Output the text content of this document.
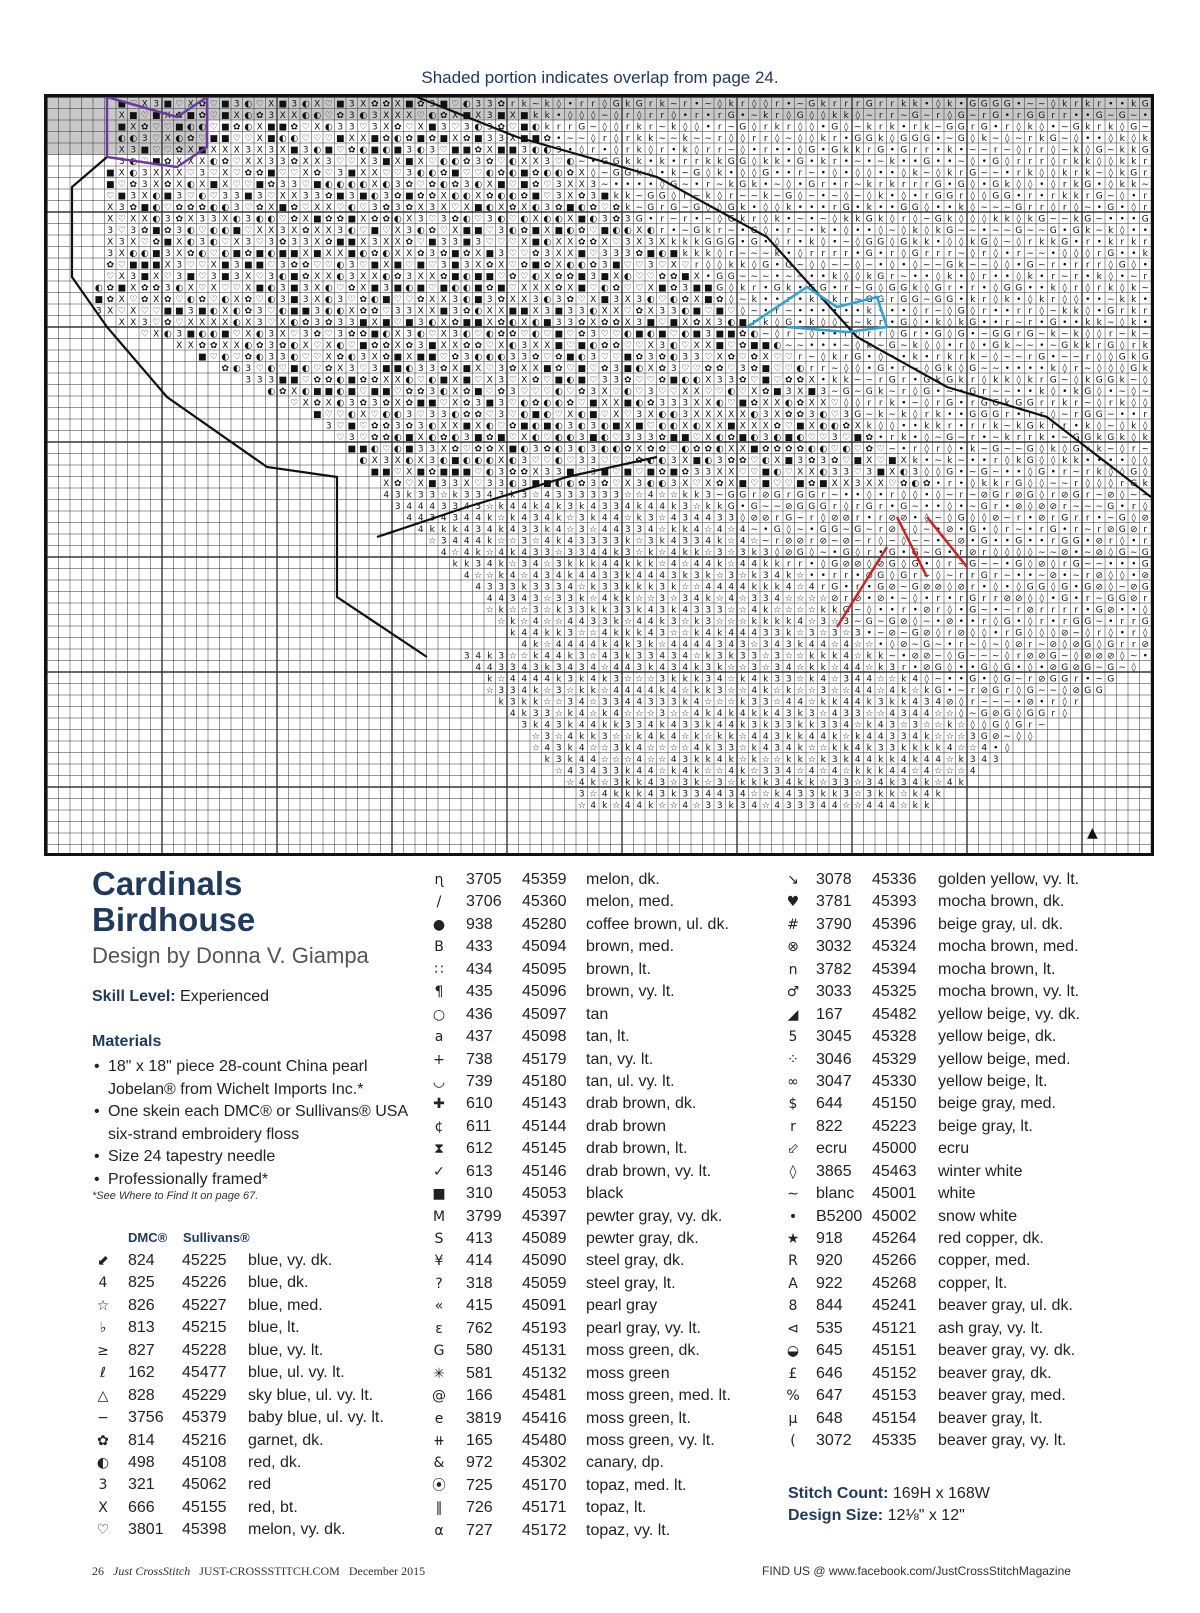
Shaded portion indicates overlap from page 24.
■ ♡ X 3 ■ ♡ X ✿ ♡ ■ 3 ◐ ♡ X ■ 3 ◐ X ♡ ■ 3 X ✿ ✿ X ■ ✿ 3 ■ ♡ ◐ 3 3 ✿ r k ∼ k ◊ • r r ◊ G k G r k ∼ r • ∼ ◊ k r ◊ ◊ r • ∼ G k r r r G r r k k • ◊ k • G G G G • ∼ ∼ ◊ k r k r • • k G
X ■ ♡ ■ X ✿ ■ ✿ ♡ ■ X ◐ ✿ 3 X X ◐ ◐ ♡ ✿ 3 ◐ 3 X X X ♡ ◐ ✿ X ■ X 3 ■ X ■ k k • ◊ ◊ ◊ ∼ ◊ r ◊ r r ◊ • r • r G • ∼ k r ◊ G ◊ ◊ k k ◊ ∼ r r ∼ G ∼ r ◊ G ∼ r G • r G G r r • • G ∼ G ∼ •
■ X ✿ ♡ ♡ ■ ◐ ◐ ♡ ■ ✿ ◐ X ■ ■ ✿ ♡ X ◐ 3 3 ♡ 3 X ✿ ♡ X ■ 3 ♡ 3 ◐ 3 ✿ ♡ ■ ◐ k r r G ∼ ◊ ◊ r k r ∼ k ◊ ◊ • r ∼ G ◊ r k r ◊ ◊ • G ◊ ∼ k r k • r k ∼ G G r G • r ◊ k ◊ • ∼ G k r k ◊ G ∼
◐ ◐ 3 ♡ X ◐ ✿ ♡ ■ ■ ♡ ♡ X ■ ◐ ◐ ♡ ♡ ♡ ■ X X ■ ✿ ◐ ✿ ■ ✿ ■ X ✿ ■ 3 3 X ■ ■ ✿ • ∼ ∼ ◊ r ◊ r k k ∼ ∼ k ∼ ∼ r ◊ ◊ r r ◊ ∼ ◊ ◊ k r • G G k ◊ G G G • ∼ G ◊ k ∼ ◊ ∼ r k G ∼ ◊ • • ◊ k ◊ k
X 3 ■ ♡ ♡ ✿ X ■ X X X 3 X 3 X ■ 3 ◐ ■ ♡ ✿ ◐ ■ ◐ ■ 3 ◐ 3 ♡ ■ ■ ✿ X ■ ■ 3 ◐ ◐ 3 • ◊ r • ◊ r k ◊ r • k ◊ r r ∼ ◊ • r • • ◊ G • G k k r G • G r r • k • ∼ ∼ r ∼ ◊ r r ◊ ∼ k ◊ G ∼ k k G
3 ◐ ♡ ■ ✿ X X X ◐ ✿ ♡ X X 3 3 ✿ X X 3 ♡ ♡ X 3 ■ X ■ X ♡ ◐ ◐ ✿ 3 ✿ ♡ ◐ X X 3 ♡ ◐ ∼ • G G k k • k • r r k k G G ◊ k k • G • k r • ∼ • ∼ k • • G • • ∼ ◊ • G ◊ r r r ◊ r k k ◊ ◊ k k r
■ X ◐ 3 X X X ♡ 3 ♡ X ♡ ✿ ✿ ■ ♡ ♡ X ✿ ♡ 3 ■ X X ♡ ♡ 3 ◐ ◐ ✿ ■ ♡ ♡ ◐ ✿ ◐ ■ ✿ ◐ ◐ ✿ X ◊ ∼ G G k ◊ • k ∼ G ◊ k • ◊ ◊ G • • r ∼ • ◊ • ◊ ◊ • • ◊ k ∼ ◊ k r G ∼ ∼ • r k ◊ ◊ k r k ∼ ◊ k G r
■ ♡ ✿ 3 X ✿ X ◐ X ■ X ♡ ♡ ■ ✿ 3 3 ♡ ■ ◐ ◐ ◐ ◐ X ◐ 3 ✿ ♡ ✿ ◐ ✿ 3 ◐ X ■ ♡ ■ ✿ ♡ 3 X X 3 ∼ • • • • ◊ G ∼ • r ∼ k G k • ∼ ◊ • G r • r ∼ k r k r r r G • G ◊ • G k ◊ ◊ • ◊ r k G • ◊ k k ∼
♡ ■ 3 X ◐ ■ 3 ♡ ◐ ♡ 3 3 ■ 3 ♡ X X 3 3 ✿ ■ 3 ■ ◐ 3 ✿ ■ ✿ ✿ X ◐ ◐ X ✿ ◐ ◐ ✿ ■ ♡ 3 X ✿ 3 ■ k k ∼ G G ◊ r ∼ k ◊ r ∼ ∼ k ∼ G ◊ ∼ • ∼ ◊ ∼ ◊ k • ◊ • r G G r ◊ ◊ G G • r • r k k r G ∼ ◊ • r
X 3 ✿ ■ ◐ ♡ ✿ ✿ ✿ ◐ ◐ 3 ♡ ✿ X ■ ✿ ♡ X X ♡ ◐ ♡ 3 ✿ 3 ✿ X 3 X ♡ X ■ ◐ X ✿ X ◐ 3 ✿ ■ ◐ ✿ ♡ ✿ k ∼ G r G ∼ G ◊ ◊ G k • ◊ ◊ k • • • r G • k • • G G ◊ • • k ◊ ∼ ∼ ∼ G r r ◊ r ◊ ∼ • G • ◊ r
X ♡ X X ◐ 3 ✿ X 3 3 X ◐ 3 ◐ ◐ ♡ ✿ X ■ ✿ ✿ ■ X ✿ ✿ ◐ X 3 ♡ 3 ✿ ◐ ♡ 3 ◐ ♡ ◐ X ◐ ◐ X ■ ◐ 3 ✿ 3 G • r ∼ r • ∼ ◊ G k r ◊ k • ∼ • ∼ ◊ k k G k ◊ r ◊ ∼ G k ◊ ◊ ◊ k k ◊ k G ∼ ∼ k G ∼ • • • G
3 ♡ 3 ✿ ■ ✿ 3 ◐ ♡ ◐ ◐ ■ ♡ X X 3 X ✿ X X 3 ◐ ♡ ■ ♡ X 3 ◐ ✿ ♡ X ■ ■ ♡ 3 ◐ ✿ ■ X ■ ◐ ✿ ♡ ■ ◐ ◐ X ◐ r • ∼ G k r ∼ • G ◊ • r ∼ • k • ◊ • • ◊ ∼ ◊ k ◊ k G ∼ ∼ • ∼ ∼ G ∼ ∼ G • G k ∼ k ◊ • •
X 3 X ♡ ✿ ■ X ◐ 3 ◐ ♡ X 3 ♡ 3 ✿ 3 3 X ✿ ■ ■ X 3 X X ✿ ♡ ■ 3 3 ■ 3 ♡ ♡ ♡ X ■ ◐ X X ✿ ✿ X ♡ 3 X 3 X k k k G G G • G • ◊ r • k ◊ • ∼ ◊ G G ◊ G k k • ◊ ◊ k G ◊ ∼ ◊ r k k G • r • k r k r
3 X ◐ ◐ ■ 3 X ✿ ◐ ♡ ◐ ■ ✿ ■ ◐ ■ ■ X ■ X X ■ ◐ ✿ ◐ X X ✿ 3 ✿ ■ ✿ X ■ 3 ♡ ♡ ✿ 3 X X ■ ♡ 3 3 3 ✿ ■ ◐ ■ k k k ◊ r ∼ ∼ ∼ k • ◊ r r r r • G • r ◊ G r r r ∼ ◊ r ◊ • r ∼ ∼ • ◊ ◊ ◊ r G • • k
✿ ♡ ■ ■ ■ X 3 ♡ ♡ X ■ 3 ■ ■ ♡ 3 ✿ ✿ ♡ ♡ ◐ 3 ♡ ■ X ■ ♡ ■ ♡ 3 ■ 3 X ✿ X ♡ ✿ ■ ✿ X ◐ ◐ ✿ 3 ■ ♡ ♡ 3 ♡ X ♡ r ◊ ◊ k k ◊ G • G ∼ ◊ ◊ ∼ ∼ ◊ ∼ • ◊ • ◊ ∼ ∼ G k ∼ ∼ ◊ ◊ • G ∼ r • r r r ◊ G ◊ •
♡ X 3 ■ X ♡ 3 ■ ♡ 3 ■ 3 X ♡ 3 ◐ ■ ✿ X X ◐ 3 X X ◐ ✿ 3 X X ✿ ■ ◐ ■ ■ ♡ ✿ ♡ ◐ X ✿ ✿ ■ 3 ■ X ◐ ♡ ♡ ✿ ✿ ■ X • G G ∼ ∼ ∼ • ∼ ∼ • • k ◊ ◊ k G r ∼ • • ◊ k • ◊ r • • ◊ k • r ∼ r • k ◊ • ∼ r
◐ ✿ ■ X ✿ ✿ 3 ◐ X ♡ X ♡ ♡ X ■ ◐ 3 ■ 3 X ◐ ♡ ✿ X ■ 3 ■ ◐ ■ ♡ ■ ◐ ◐ ■ ✿ ■ ♡ X X X ✿ X ■ ♡ ◐ ✿ ♡ ♡ X ■ ✿ 3 ■ ■ G ◊ k r • G k • G G • r ∼ G ◊ G G k ◊ G r • r • ◊ G G • • k ◊ r ◊ r k ◊ k ∼
■ ✿ X ♡ ✿ X ✿ ♡ ◐ ✿ ♡ ◐ X ✿ ♡ ◐ 3 ■ 3 X ◐ 3 ♡ ✿ ◐ ■ ♡ ♡ ✿ X X 3 ◐ ■ 3 ✿ X X 3 ◐ 3 ✿ ♡ X ■ 3 X 3 ◐ ♡ ◐ ✿ X ■ ✿ ◊ ∼ k • • r • k ∼ k r ∼ G G r G G ∼ G G • k r ◊ k • ◊ k r ◊ ◊ • • ∼ k k •
3 X ♡ X ♡ ♡ ■ ■ 3 ■ ◐ X ◐ ✿ 3 ♡ ◐ ■ ■ 3 ◐ ◐ X ✿ ✿ ♡ 3 3 X X ■ 3 ✿ ◐ X X ■ ■ X 3 ■ 3 3 ◐ X X ♡ ✿ X 3 3 ◐ ■ ♡ ■ ♡ ◊ ∼ • r ∼ • • • • • • k • • • ◊ r ∼ ◊ G ◊ r • • r r ◊ ∼ k k ◊ • G r k r
X X 3 ♡ ✿ ♡ X X X X ◐ X 3 ♡ X ◐ ✿ 3 ✿ 3 3 ■ X ■ ♡ ■ 3 ◐ X ✿ ■ ■ X ✿ ◐ X ◐ ■ 3 3 ✿ X ✿ ✿ X 3 ■ ♡ ■ X ✿ X 3 ◐ ■ r k ◊ G • k ◊ ◊ ∼ ∼ k r • G ◊ • k ◊ k G • • r ∼ r • G • • k k ∼ ◊ k •
♡ X ◐ 3 ■ ◐ ◐ ■ ♡ X ◐ 3 X ♡ 3 ✿ ♡ 3 ✿ ✿ ■ ◐ X 3 ◐ ♡ X 3 ◐ ♡ ◐ ✿ ✿ ♡ ◐ ♡ ■ ♡ ✿ 3 ♡ ♡ ◐ ■ ◐ ■ ♡ ◐ ■ 3 ■ ■ ✿ ◐ ∼ ◊ r ∼ ◊ • • r ◊ r r ◊ G r • G ◊ G • ∼ G G r G ∼ k ∼ k ◊ ◊ r ∼ k ∼
X X ✿ ✿ X X ◐ ✿ 3 ✿ ◐ X ♡ X ◐ ♡ ■ ✿ ✿ X ✿ 3 ■ X X ✿ ✿ ♡ X ◐ 3 X X ■ ♡ ■ ◐ ✿ ✿ ♡ ♡ X 3 ◐ ♡ X X ■ ♡ ✿ ■ ■ ◐ ∼ ∼ • • • ∼ ◊ k ∼ G ∼ k ◊ ◊ • r ◊ • G k ∼ ∼ • ∼ G k k r G ◊ r k
■ ♡ ◐ ♡ ✿ ◐ 3 3 ◐ ♡ ♡ X ✿ ◐ 3 X ✿ ■ X ■ ■ ♡ ✿ 3 ◐ ◐ ◐ 3 3 ✿ ♡ ✿ ■ ◐ 3 ♡ ♡ ■ ✿ 3 ✿ ◐ 3 3 ♡ X ✿ ♡ ✿ X ♡ ♡ r ∼ ◊ k r G • ◊ • • k • r k r k ∼ ◊ ∼ ∼ r G • ∼ ∼ r ◊ ◊ G k G
✿ ◐ 3 ♡ ◐ ♡ ■ ◐ ♡ ✿ X 3 ♡ 3 ■ ■ ◐ 3 3 ✿ X ■ X ♡ 3 ✿ X X ■ ✿ ♡ ■ ♡ ✿ 3 ■ ◐ X ✿ 3 ♡ ♡ ✿ ✿ ♡ 3 ✿ ■ ♡ ♡ ◐ r r ∼ ◊ ◊ • G • r ∼ ◊ G k ◊ G ∼ ∼ • • • • k ◊ r ∼ ◊ ◊ ◊ G k
3 3 3 ■ ■ ♡ ✿ ✿ ◐ ■ ✿ ✿ X X ◐ ♡ ◐ ■ X ■ ♡ X 3 ♡ X ✿ ♡ ■ ◐ ■ ♡ 3 3 ✿ ♡ ♡ ✿ ■ ◐ ◐ X 3 3 ✿ ♡ ■ ♡ ✿ ✿ X • k k ∼ ∼ r G r • G k G k r ◊ k k ◊ k r G ∼ ◊ k G G k ∼ ◊
◐ ✿ X ◐ ■ ■ ◐ ■ ♡ ■ ■ ♡ ✿ ✿ 3 ◐ X ✿ ■ ♡ ✿ 3 ♡ ♡ ♡ ◐ ♡ ✿ 3 X ♡ ◐ ♡ 3 ♡ ♡ X X ♡ ♡ ◐ ♡ X ✿ ■ 3 X ■ 3 ∼ G ∼ G k ∼ r ◊ G • ∼ • G r ∼ ∼ • • k ◊ • k G ◊ • ∼ ◊ ∼
♡ X ✿ X ◐ 3 ✿ 3 ✿ X ✿ ■ ■ ♡ X ✿ 3 ■ 3 ♡ ◐ ✿ ◐ ◐ ✿ ♡ ■ X X ■ ◐ ✿ 3 3 3 X X ◐ ♡ ■ ✿ X X ◐ ✿ X X ♡ ◊ ◊ r r k • ∼ ◊ r G • r G G k G G r r k r ∼ ◊ r k ◊ ◊
■ ♡ ♡ ◐ X ♡ ◐ ◐ 3 ♡ 3 3 ◐ ✿ ✿ ♡ 3 ♡ ◐ ■ ◐ ♡ X ◐ ■ ♡ X ♡ 3 X ◐ ◐ 3 X X X X X ◐ 3 X ✿ ✿ 3 ◐ ♡ 3 G ∼ k ∼ k ◊ r k • • G G G r • r r ◊ ∼ r G G ∼ • • r
3 ♡ ■ ♡ ✿ ✿ 3 ✿ 3 ◐ X X ■ X ◐ ♡ ✿ ■ ◐ ■ ◐ 3 ◐ 3 ◐ ■ X ■ ♡ ◐ ◐ X ◐ X X ■ X X X ✿ ♡ ■ X ◐ ◐ ✿ X k ◊ ◊ • • k k r • r r k ∼ k G k r r • k ◊ ∼ ◊ k ◊
♡ 3 ♡ ✿ ✿ ◐ ■ X ◐ ✿ ◐ 3 ■ ✿ ■ ♡ X ◐ ♡ ◐ ◐ 3 ■ ◐ ♡ 3 3 3 ✿ ■ ■ ♡ X ◐ ✿ ■ ◐ 3 ◐ ■ ◐ ♡ ♡ 3 ♡ ■ ✿ • r k • ◊ ∼ G ∼ r • ∼ k r r k • ∼ G G k G k ◊ k
■ ■ ◐ ♡ ◐ ■ 3 3 X ✿ ♡ ✿ ✿ X ■ ◐ 3 ✿ ◐ 3 ◐ 3 ◐ ◐ ✿ X ✿ ✿ ♡ ◐ ✿ ✿ ◐ X X ■ ✿ ✿ ✿ ✿ ◐ ◐ ♡ ◐ ♡ ✿ ♡ ∼ • r ◊ r ◊ • k ∼ G ∼ ∼ G ◊ k ◊ G r k ∼ ◊ r ∼
◐ X 3 X ◐ X 3 ◐ ■ ◐ ◐ ◐ X ◐ 3 ♡ ♡ ◐ ♡ 3 3 ♡ ♡ ♡ ✿ ◐ ◐ 3 X ■ ◐ 3 ✿ ✿ ♡ ◐ X ■ 3 ✿ 3 ✿ ♡ ■ X ♡ ■ X k • ∼ k ∼ • • r ◊ k G ◊ ◊ k k • • • • ◊ ◊
■ ■ ♡ X ■ ✿ ■ ■ ■ ♡ ◐ 3 ✿ ✿ X 3 3 ■ ♡ 3 ■ ♡ ■ ♡ ■ ✿ ■ ✿ 3 3 X X ♡ ♡ ■ ◐ ♡ X X ◐ 3 3 ♡ 3 ■ X ◐ 3 ◊ ◊ G • ∼ G ∼ • • ◊ G • r ∼ r k ◊ ◊ G ◊
X ✿ ♡ X ■ 3 3 X ♡ 3 3 ◐ 3 ■ ■ ◐ ◐ ✿ 3 ✿ ♡ X 3 ◐ ◐ 3 X ♡ X ✿ X ■ ♡ ■ ♡ ♡ ■ ✿ ■ X X 3 X X ♡ ✿ ◐ ✿ • r • ◊ k k r G ◊ ◊ ∼ ∼ r ◊ ◊ ◊ r G k
4 3 k 3 3 ☆ k 3 3 4 3 k 3 ☆ 4 3 3 3 3 3 3 ☆ ☆ 4 ☆ ☆ k k 3 ∼ G G r ⊘ G r G G r ∼ • • ◊ • r ◊ ◊ • ◊ ∼ r ∼ ⊘ G r ⊘ G ◊ r ⊘ G r ∼ ⊘ ◊ ∼ ∼
3 4 4 4 3 3 4 3 ☆ k 4 4 k 4 k 3 k 4 3 3 4 k 4 4 k 3 ☆ k k G • G ∼ ∼ ⊘ G G G r ◊ r G r • G ∼ • • ◊ • ∼ G r • ⊘ ◊ ⊘ ⊘ r ∼ ∼ ∼ G • r ◊
4 4 3 4 3 4 4 k ☆ k 4 3 4 k ☆ 3 k 4 4 ☆ k 3 ☆ 4 3 4 4 3 3 ◊ ⊘ ⊘ r G ∼ r ◊ ⊘ ⊘ r • r ⊘ ⊘ • ∼ ◊ G ◊ ◊ ⊘ ∼ r • ⊘ r G r r • ∼ G ◊ ⊘
4 k k k 4 3 4 k 4 3 3 k 4 ☆ 3 ☆ 4 4 3 3 4 ☆ k k 4 ☆ 4 ☆ 4 ∼ • G ◊ ∼ • G G ∼ G ∼ r ⊘ ◊ ∼ ⊘ • G • ◊ r ∼ • r G • r ∼ r ⊘ G ⊘ r
☆ 3 4 4 4 k ☆ ☆ 3 ☆ 4 k 4 3 3 3 3 k ☆ 3 k 4 3 3 4 k ☆ 4 ☆ ∼ r ⊘ ⊘ r ⊘ ∼ ⊘ ∼ r ◊ ∼ ◊ ∼ ∼ • ∼ ⊘ • G • • G • • r G G • ⊘ r ◊ • r
4 ☆ 4 k ☆ 4 k 4 3 3 ☆ 3 3 4 4 k 3 ☆ k ☆ 4 k k ☆ 3 ☆ 3 k 3 ◊ ⊘ G ◊ ∼ • G ◊ r • G • ∼ G • r ⊘ r ◊ ◊ ◊ ◊ ∼ ∼ ⊘ • ∼ ⊘ ◊ G ∼ G
k k 3 4 k ☆ 3 4 ☆ 3 k k k 4 4 k k k ☆ 4 ☆ 4 4 k ☆ 4 4 k k r r • ◊ G ⊘ ⊘ ◊ ⊘ G ◊ G • ◊ r ∼ G ∼ ∼ • G ◊ ⊘ ◊ r G ∼ ∼ • • • G
4 ☆ ☆ k 4 ☆ 4 3 4 k 4 4 3 3 k 4 4 4 3 k 3 k ☆ 3 ☆ k 3 4 k ☆ • • r r • G ◊ G r ◊ ∼ r r G r ∼ • • ∼ ⊘ • ∼ r ⊘ ◊ ◊ • ⊘
4 3 3 3 k 3 3 3 4 ☆ k 3 3 k k k 3 k ☆ ☆ 4 4 4 4 k k k 4 ☆ 4 r G • r • G ⊘ ∼ G ⊘ ⊘ ◊ ⊘ r • ◊ • ◊ G G ◊ G • G ⊘ ◊ ∼ ⊘ G
4 4 3 4 3 ☆ 3 3 k ☆ 4 k k ☆ ☆ 3 ☆ 3 4 k ☆ 4 ☆ 3 3 4 ☆ ☆ ☆ ☆ ⊘ r ⊘ • ⊘ • ∼ ◊ • r • r G r r ⊘ ⊘ ◊ ◊ • G • r ∼ G G ⊘ r
☆ k ☆ ☆ 3 ☆ k 3 3 k k 3 3 k 4 3 k 4 3 3 3 ☆ ☆ 4 k ☆ ☆ ☆ ☆ k k ∼ ◊ • • r • ⊘ r ◊ • G ∼ • ∼ r ⊘ r r r r • G ⊘ • • ◊
☆ k ☆ 4 ☆ ☆ 4 4 3 3 k ☆ 4 4 k 3 ☆ k 3 ☆ ☆ ☆ k k k k 4 ☆ 3 ☆ 3 ∼ G ∼ G ⊘ ◊ ∼ • ⊘ • • r ◊ G • ◊ r • r G G ∼ • r r G
k 4 4 k k 3 ☆ ☆ 4 k k k 4 3 ☆ ☆ k 4 k 4 4 4 3 3 k ☆ 3 ☆ 3 ☆ 3 • ∼ ⊘ ∼ G ⊘ ◊ r ⊘ ◊ ◊ • r G ◊ ◊ ◊ ⊘ ∼ ◊ r ◊ • r ◊
4 k ☆ 4 4 4 4 k 4 k 3 k ☆ 4 4 4 4 3 4 3 ☆ 3 4 3 k 4 4 ☆ 4 ☆ ☆ • ◊ ⊘ ∼ G ∼ • r ∼ ◊ ∼ ◊ ⊘ r ∼ ⊘ ◊ ⊘ G ◊ G r r ⊘
3 4 k 3 ☆ ☆ k 4 4 k 3 ☆ 4 3 k 3 3 4 3 4 ☆ k 3 k 3 3 ☆ 3 ☆ ☆ k k k 4 ☆ k k ∼ • ⊘ ⊘ ∼ ◊ G ∼ ∼ ∼ ◊ r ⊘ ⊘ G ∼ ◊ ⊘ ⊘ ⊘ ◊ ∼ •
4 4 3 3 4 3 k 3 4 3 4 ☆ 4 4 3 k 4 3 4 k 3 k ☆ ☆ 3 ☆ 3 4 ☆ k k ☆ 4 4 ☆ k 3 r • ⊘ G ◊ • • G ◊ G • ◊ • ⊘ G ⊘ G ∼ G ∼ ◊
k ☆ 4 4 4 4 k 3 k 4 k 3 ☆ ☆ ☆ 3 k k k 3 4 ☆ k 4 k 3 3 ☆ k 4 ☆ 3 4 4 ☆ ☆ k 4 ◊ ∼ • • G • ◊ G ∼ r ⊘ G G r • ∼ G
☆ 3 3 4 k ☆ 3 ☆ k k ☆ 4 4 4 4 k 4 ☆ k k 3 ☆ ☆ 4 k ☆ k ☆ ☆ 3 ☆ ☆ 4 4 ☆ 4 k ☆ k G • ∼ r ⊘ G r ◊ G ∼ ∼ ◊ ⊘ G G
k 3 k k ☆ ☆ 3 4 ☆ 3 3 4 4 3 3 3 k 4 ☆ ☆ ☆ k 3 3 ☆ 4 4 ☆ k k 4 4 k 3 k k 4 3 4 ⊘ ◊ r ∼ ∼ ∼ • ⊘ • r ◊ r
4 k 3 3 ☆ k 4 ☆ k 4 ☆ ☆ ☆ 3 ☆ ☆ 4 k 4 k 4 k k 4 3 k 3 ☆ 4 3 3 ☆ ☆ 4 3 4 4 ☆ ☆ ◊ ∼ G ⊘ G ◊ G G r ◊
3 k 4 3 k 4 4 k k 3 3 4 k 4 3 3 k 4 4 k 3 k 3 3 k k 3 3 4 ☆ k 4 3 ☆ 3 ☆ ☆ k ☆ ◊ ◊ G ◊ G r ∼
☆ 3 ☆ 4 k k 3 ☆ ☆ k 4 k 4 ☆ k ☆ k k ☆ 4 4 3 k k 4 4 k ☆ k 4 4 3 3 4 k ☆ ☆ ☆ 3 G ⊘ ∼ ◊ ◊
☆ 4 3 k 4 ☆ ☆ 3 k 4 ☆ ☆ ☆ ☆ 4 k 3 3 ☆ k 4 3 4 k ☆ ☆ k k 4 k 3 3 k k k k 4 ☆ ☆ 4 • ◊
k 3 k 4 4 ☆ ☆ ☆ 4 ☆ ☆ 4 3 k k 4 k ☆ k ☆ ☆ k k ☆ k 3 k 4 4 k k 4 k 4 4 ☆ k 3 4 3
☆ 4 3 4 3 3 k 4 4 ☆ k 4 k ☆ ☆ 4 k ☆ 3 3 4 ☆ 4 ☆ 4 ☆ k k k 4 4 ☆ 4 ☆ ☆ ☆ 4
☆ 4 k ☆ 3 k k 4 3 ☆ 3 k ☆ 3 ☆ k k k 3 4 k k ☆ 3 3 ☆ 3 4 k 3 4 k ☆ 4 k
3 ☆ 4 k k k 4 3 k 3 3 4 4 3 4 ☆ ☆ k 4 3 3 k k 3 ☆ 3 k k ☆ k 4 k
☆ 4 k ☆ 4 4 k ☆ ☆ 4 ☆ 3 3 k 3 4 ☆ 4 3 3 3 4 4 ☆ ☆ 4 4 4 ☆ k k
▲
Cardinals
Birdhouse
Design by Donna V. Giampa
Skill Level: Experienced
Materials
• 18" x 18" piece 28-count China pearl Jobelan® from Wichelt Imports Inc.*
• One skein each DMC® or Sullivans® USA six-strand embroidery floss
• Size 24 tapestry needle
• Professionally framed*
*See Where to Find It on page 67.
DMC® Sullivans®
⬋	824 45225 blue, vy. dk.
4	825 45226 blue, dk.
☆ 826 45227 blue, med.
♭	813 45215 blue, lt.
≥	827 45228 blue, vy. lt.
ℓ	162 45477 blue, ul. vy. lt.
△	828 45229 sky blue, ul. vy. lt.
−	3756 45379 baby blue, ul. vy. lt.
✿	814 45216 garnet, dk.
◐	498 45108 red, dk.
3	321 45062 red
X	666 45155 red, bt.
♡ 3801 45398 melon, vy. dk.
ɳ	3705 45359 melon, dk.
/	3706 45360 melon, med.
●	938 45280 coffee brown, ul. dk.
B	433 45094 brown, med.
∷	434 45095 brown, lt.
¶	435 45096 brown, vy. lt.
○	436 45097 tan
a	437 45098 tan, lt.
+	738 45179 tan, vy. lt.
◡	739 45180 tan, ul. vy. lt.
✚	610 45143 drab brown, dk.
¢	611 45144 drab brown
⧗	612 45145 drab brown, lt.
✓	613 45146 drab brown, vy. lt.
■ 310 45053 black
M	3799 45397 pewter gray, vy. dk.
S	413 45089 pewter gray, dk.
¥	414 45090 steel gray, dk.
?	318 45059 steel gray, lt.
«	415 45091 pearl gray
ε	762 45193 pearl gray, vy. lt.
G	580 45131 moss green, dk.
✳	581 45132 moss green
@ 166 45481 moss green, med. lt.
e	3819 45416 moss green, lt.
⧺	165 45480 moss green, vy. lt.
&	972 45302 canary, dp.
⦿ 725 45170 topaz, med. lt.
∥	726 45171 topaz, lt.
α	727 45172 topaz, vy. lt.
↘	3078 45336 golden yellow, vy. lt.
♥ 3781 45393 mocha brown, dk.
#	3790 45396 beige gray, ul. dk.
⊗	3032 45324 mocha brown, med.
n	3782 45394 mocha brown, lt.
♂ 3033 45325 mocha brown, vy. lt.
◢	167 45482 yellow beige, vy. dk.
5	3045 45328 yellow beige, dk.
⁘	3046 45329 yellow beige, med.
∞	3047 45330 yellow beige, lt.
$	644 45150 beige gray, med.
r	822 45223 beige gray, lt.
⬃	ecru 45000 ecru
◊	3865 45463 winter white
∼	blanc 45001 white
•	B5200 45002 snow white
★ 918 45264 red copper, dk.
R	920 45266 copper, med.
A	922 45268 copper, lt.
8	844 45241 beaver gray, ul. dk.
⊲	535 45121 ash gray, vy. lt.
◒	645 45151 beaver gray, vy. dk.
£	646 45152 beaver gray, dk.
% 647 45153 beaver gray, med.
μ	648 45154 beaver gray, lt.
(	3072 45335 beaver gray, vy. lt.
Stitch Count: 169H x 168W
Design Size: 12⅛" x 12"
26 Just CrossStitch JUST-CROSSSTITCH.COM December 2015	FIND US @ www.facebook.com/JustCrossStitchMagazine
